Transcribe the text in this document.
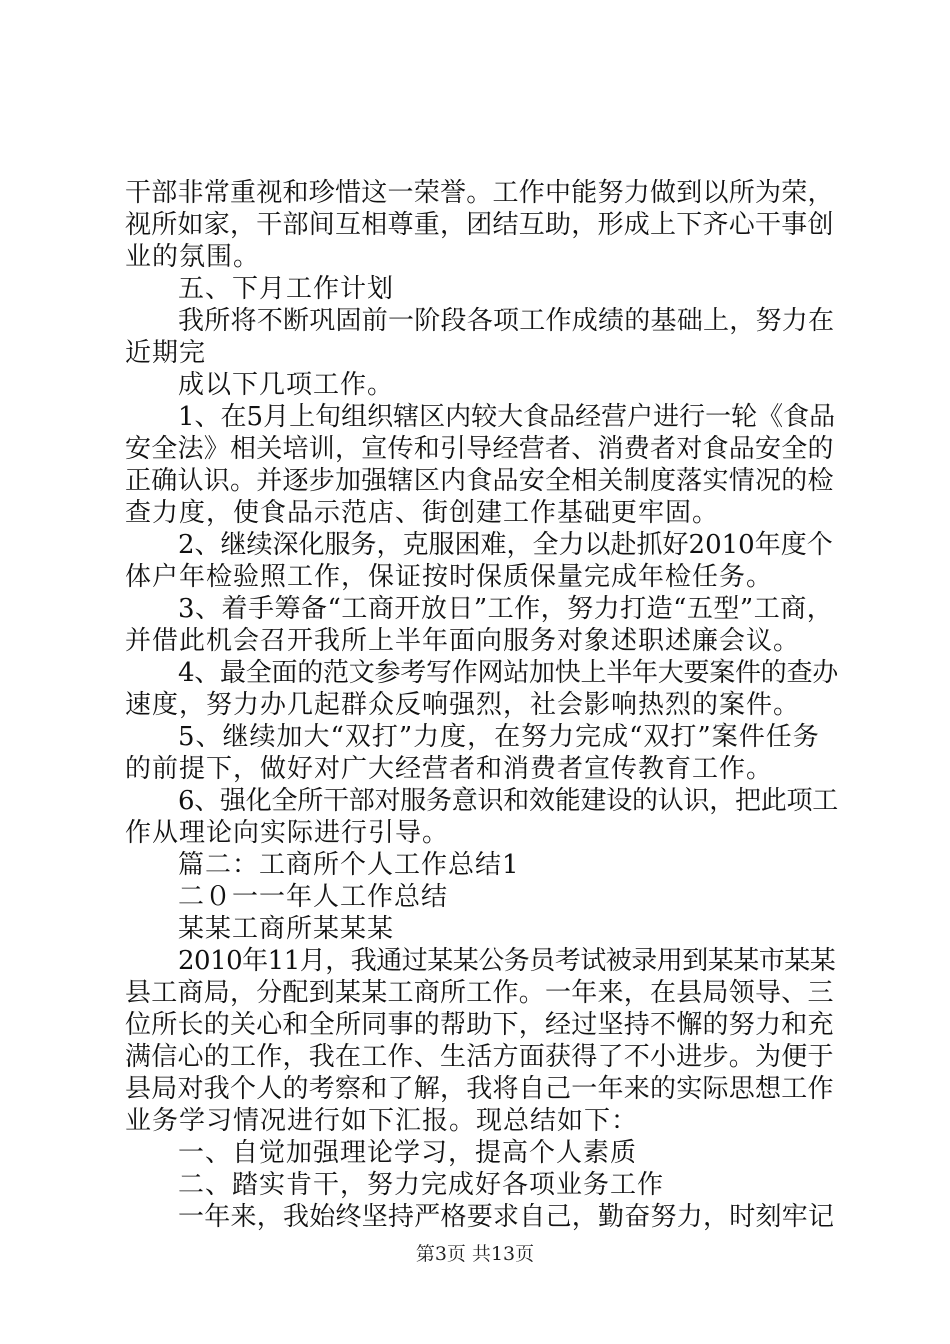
干部非常重视和珍惜这一荣誉。工作中能努力做到以所为荣，
视所如家，干部间互相尊重，团结互助，形成上下齐心干事创
业的氛围。
五、下月工作计划
我所将不断巩固前一阶段各项工作成绩的基础上，努力在
近期完
成以下几项工作。
1、在5月上旬组织辖区内较大食品经营户进行一轮《食品
安全法》相关培训，宣传和引导经营者、消费者对食品安全的
正确认识。并逐步加强辖区内食品安全相关制度落实情况的检
查力度，使食品示范店、街创建工作基础更牢固。
2、继续深化服务，克服困难，全力以赴抓好2010年度个
体户年检验照工作，保证按时保质保量完成年检任务。
3、着手筹备“工商开放日”工作，努力打造“五型”工商，
并借此机会召开我所上半年面向服务对象述职述廉会议。
4、最全面的范文参考写作网站加快上半年大要案件的查办
速度，努力办几起群众反响强烈，社会影响热烈的案件。
5、继续加大“双打”力度，在努力完成“双打”案件任务
的前提下，做好对广大经营者和消费者宣传教育工作。
6、强化全所干部对服务意识和效能建设的认识，把此项工
作从理论向实际进行引导。
篇二：工商所个人工作总结1
二０一一年人工作总结
某某工商所某某某
2010年11月，我通过某某公务员考试被录用到某某市某某
县工商局，分配到某某工商所工作。一年来，在县局领导、三
位所长的关心和全所同事的帮助下，经过坚持不懈的努力和充
满信心的工作，我在工作、生活方面获得了不小进步。为便于
县局对我个人的考察和了解，我将自己一年来的实际思想工作
业务学习情况进行如下汇报。现总结如下：
一、自觉加强理论学习，提高个人素质
二、踏实肯干，努力完成好各项业务工作
一年来，我始终坚持严格要求自己，勤奋努力，时刻牢记
第3页 共13页
